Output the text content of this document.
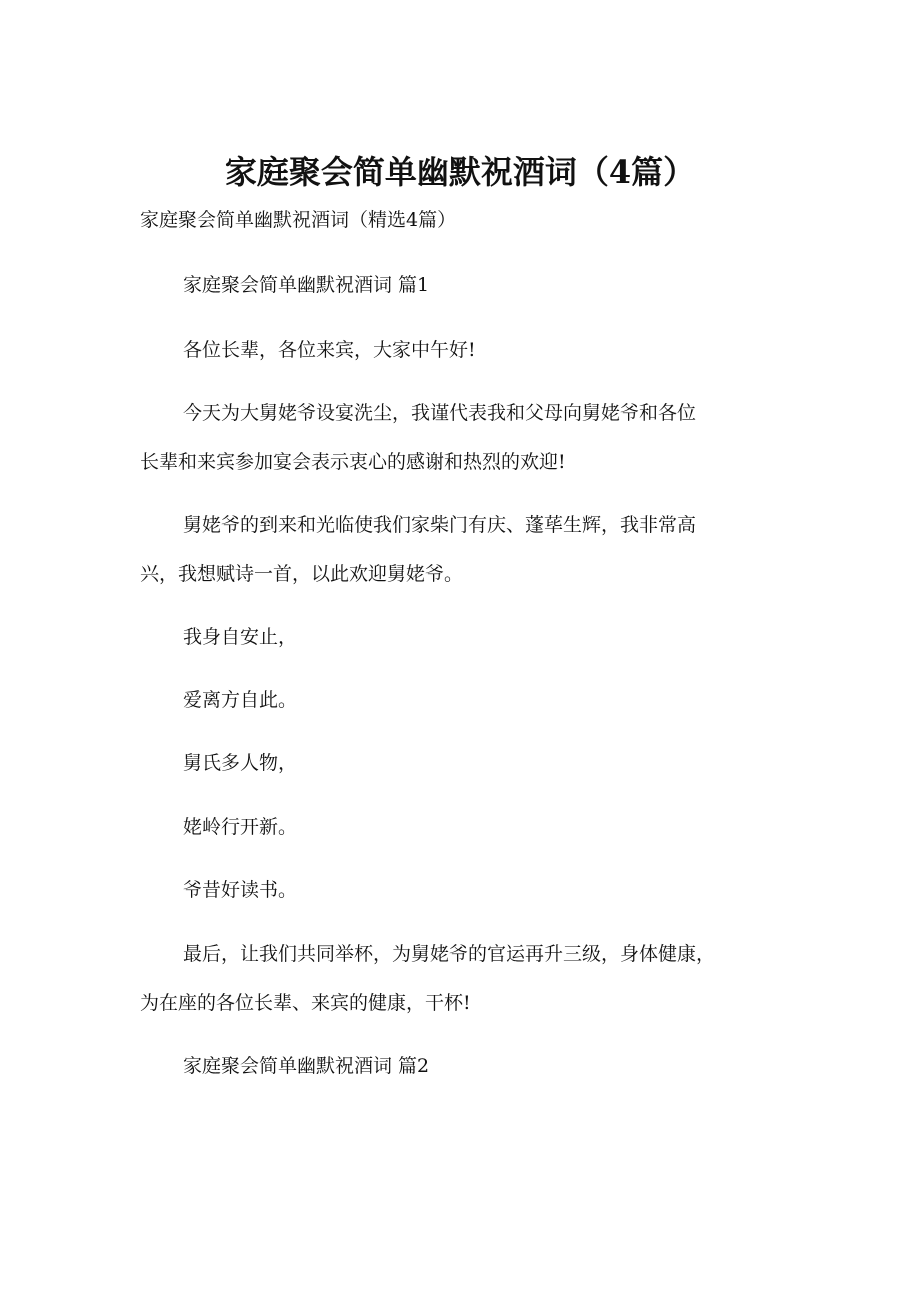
家庭聚会简单幽默祝酒词（4篇）
家庭聚会简单幽默祝酒词（精选4篇）
家庭聚会简单幽默祝酒词 篇1
各位长辈，各位来宾，大家中午好!
今天为大舅姥爷设宴洗尘，我谨代表我和父母向舅姥爷和各位
长辈和来宾参加宴会表示衷心的感谢和热烈的欢迎!
舅姥爷的到来和光临使我们家柴门有庆、蓬荜生辉，我非常高
兴，我想赋诗一首，以此欢迎舅姥爷。
我身自安止，
爱离方自此。
舅氏多人物，
姥岭行开新。
爷昔好读书。
最后，让我们共同举杯，为舅姥爷的官运再升三级，身体健康，
为在座的各位长辈、来宾的健康，干杯!
家庭聚会简单幽默祝酒词 篇2
